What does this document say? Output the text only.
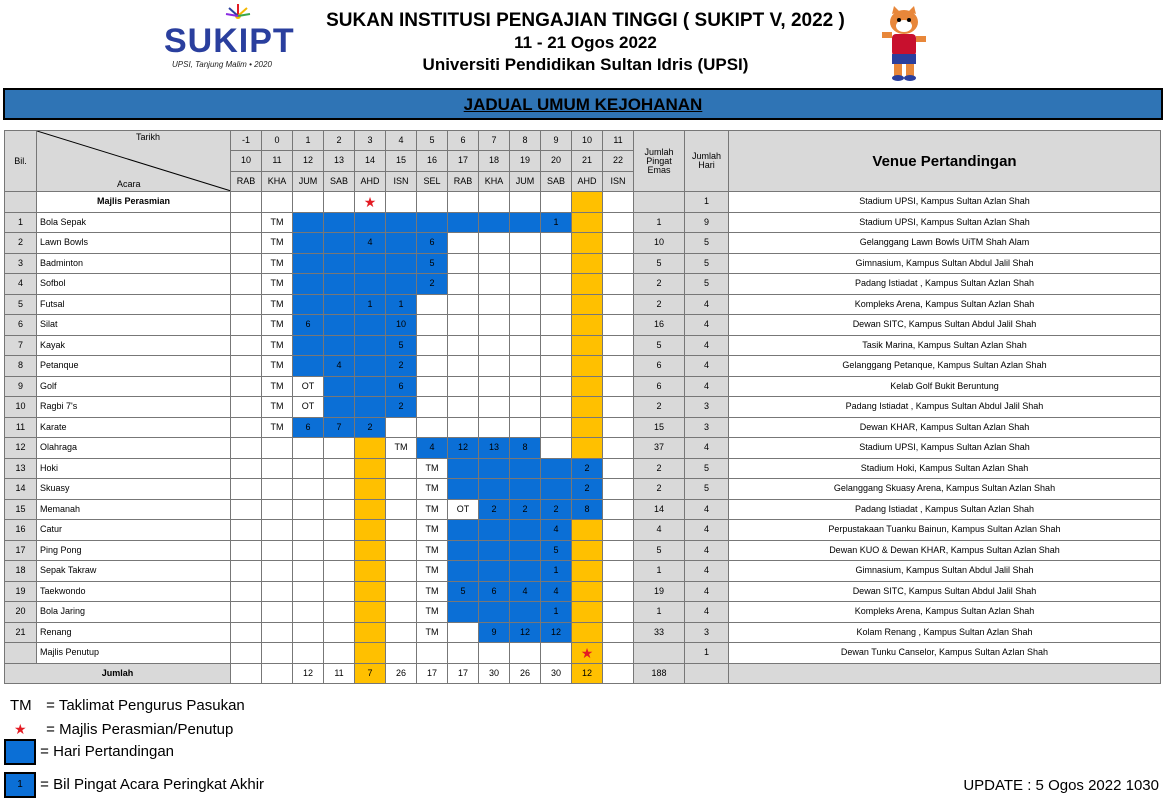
SUKIPT
UPSI, Tanjung Malim • 2020
SUKAN INSTITUSI PENGAJIAN TINGGI ( SUKIPT V, 2022 )
11 - 21 Ogos 2022
Universiti Pendidikan Sultan Idris (UPSI)
JADUAL UMUM KEJOHANAN
Bil.	Tarikh
Acara	-1	0	1	2	3	4	5	6	7	8	9	10	11	Jumlah
Pingat
Emas	Jumlah
Hari	Venue Pertandingan
		10	11	12	13	14	15	16	17	18	19	20	21	22			
		RAB	KHA	JUM	SAB	AHD	ISN	SEL	RAB	KHA	JUM	SAB	AHD	ISN			
	Majlis Perasmian					★										1	Stadium UPSI, Kampus Sultan Azlan Shah
1	Bola Sepak		TM									1			1	9	Stadium UPSI, Kampus Sultan Azlan Shah
2	Lawn Bowls		TM			4		6							10	5	Gelanggang Lawn Bowls UiTM Shah Alam
3	Badminton		TM					5							5	5	Gimnasium, Kampus Sultan Abdul Jalil Shah
4	Sofbol		TM					2							2	5	Padang Istiadat , Kampus Sultan Azlan Shah
5	Futsal		TM			1	1								2	4	Kompleks Arena, Kampus Sultan Azlan Shah
6	Silat		TM	6			10								16	4	Dewan SITC, Kampus Sultan Abdul Jalil Shah
7	Kayak		TM				5								5	4	Tasik Marina, Kampus Sultan Azlan Shah
8	Petanque		TM		4		2								6	4	Gelanggang Petanque, Kampus Sultan Azlan Shah
9	Golf		TM	OT			6								6	4	Kelab Golf Bukit Beruntung
10	Ragbi 7's		TM	OT			2								2	3	Padang Istiadat , Kampus Sultan Abdul Jalil Shah
11	Karate		TM	6	7	2									15	3	Dewan KHAR, Kampus Sultan Azlan Shah
12	Olahraga						TM	4	12	13	8				37	4	Stadium UPSI, Kampus Sultan Azlan Shah
13	Hoki							TM					2		2	5	Stadium Hoki, Kampus Sultan Azlan Shah
14	Skuasy							TM					2		2	5	Gelanggang Skuasy Arena, Kampus Sultan Azlan Shah
15	Memanah							TM	OT	2	2	2	8		14	4	Padang Istiadat , Kampus Sultan Azlan Shah
16	Catur							TM				4			4	4	Perpustakaan Tuanku Bainun, Kampus Sultan Azlan Shah
17	Ping Pong							TM				5			5	4	Dewan KUO & Dewan KHAR, Kampus Sultan Azlan Shah
18	Sepak Takraw							TM				1			1	4	Gimnasium, Kampus Sultan Abdul Jalil Shah
19	Taekwondo							TM	5	6	4	4			19	4	Dewan SITC, Kampus Sultan Abdul Jalil Shah
20	Bola Jaring							TM				1			1	4	Kompleks Arena, Kampus Sultan Azlan Shah
21	Renang							TM		9	12	12			33	3	Kolam Renang , Kampus Sultan Azlan Shah
	Majlis Penutup												★			1	Dewan Tunku Canselor, Kampus Sultan Azlan Shah
Jumlah				12	11	7	26	17	17	30	26	30	12		188		
TM = Taklimat Pengurus Pasukan
★ = Majlis Perasmian/Penutup
= Hari Pertandingan
1 = Bil Pingat Acara Peringkat Akhir	UPDATE : 5 Ogos 2022 1030
